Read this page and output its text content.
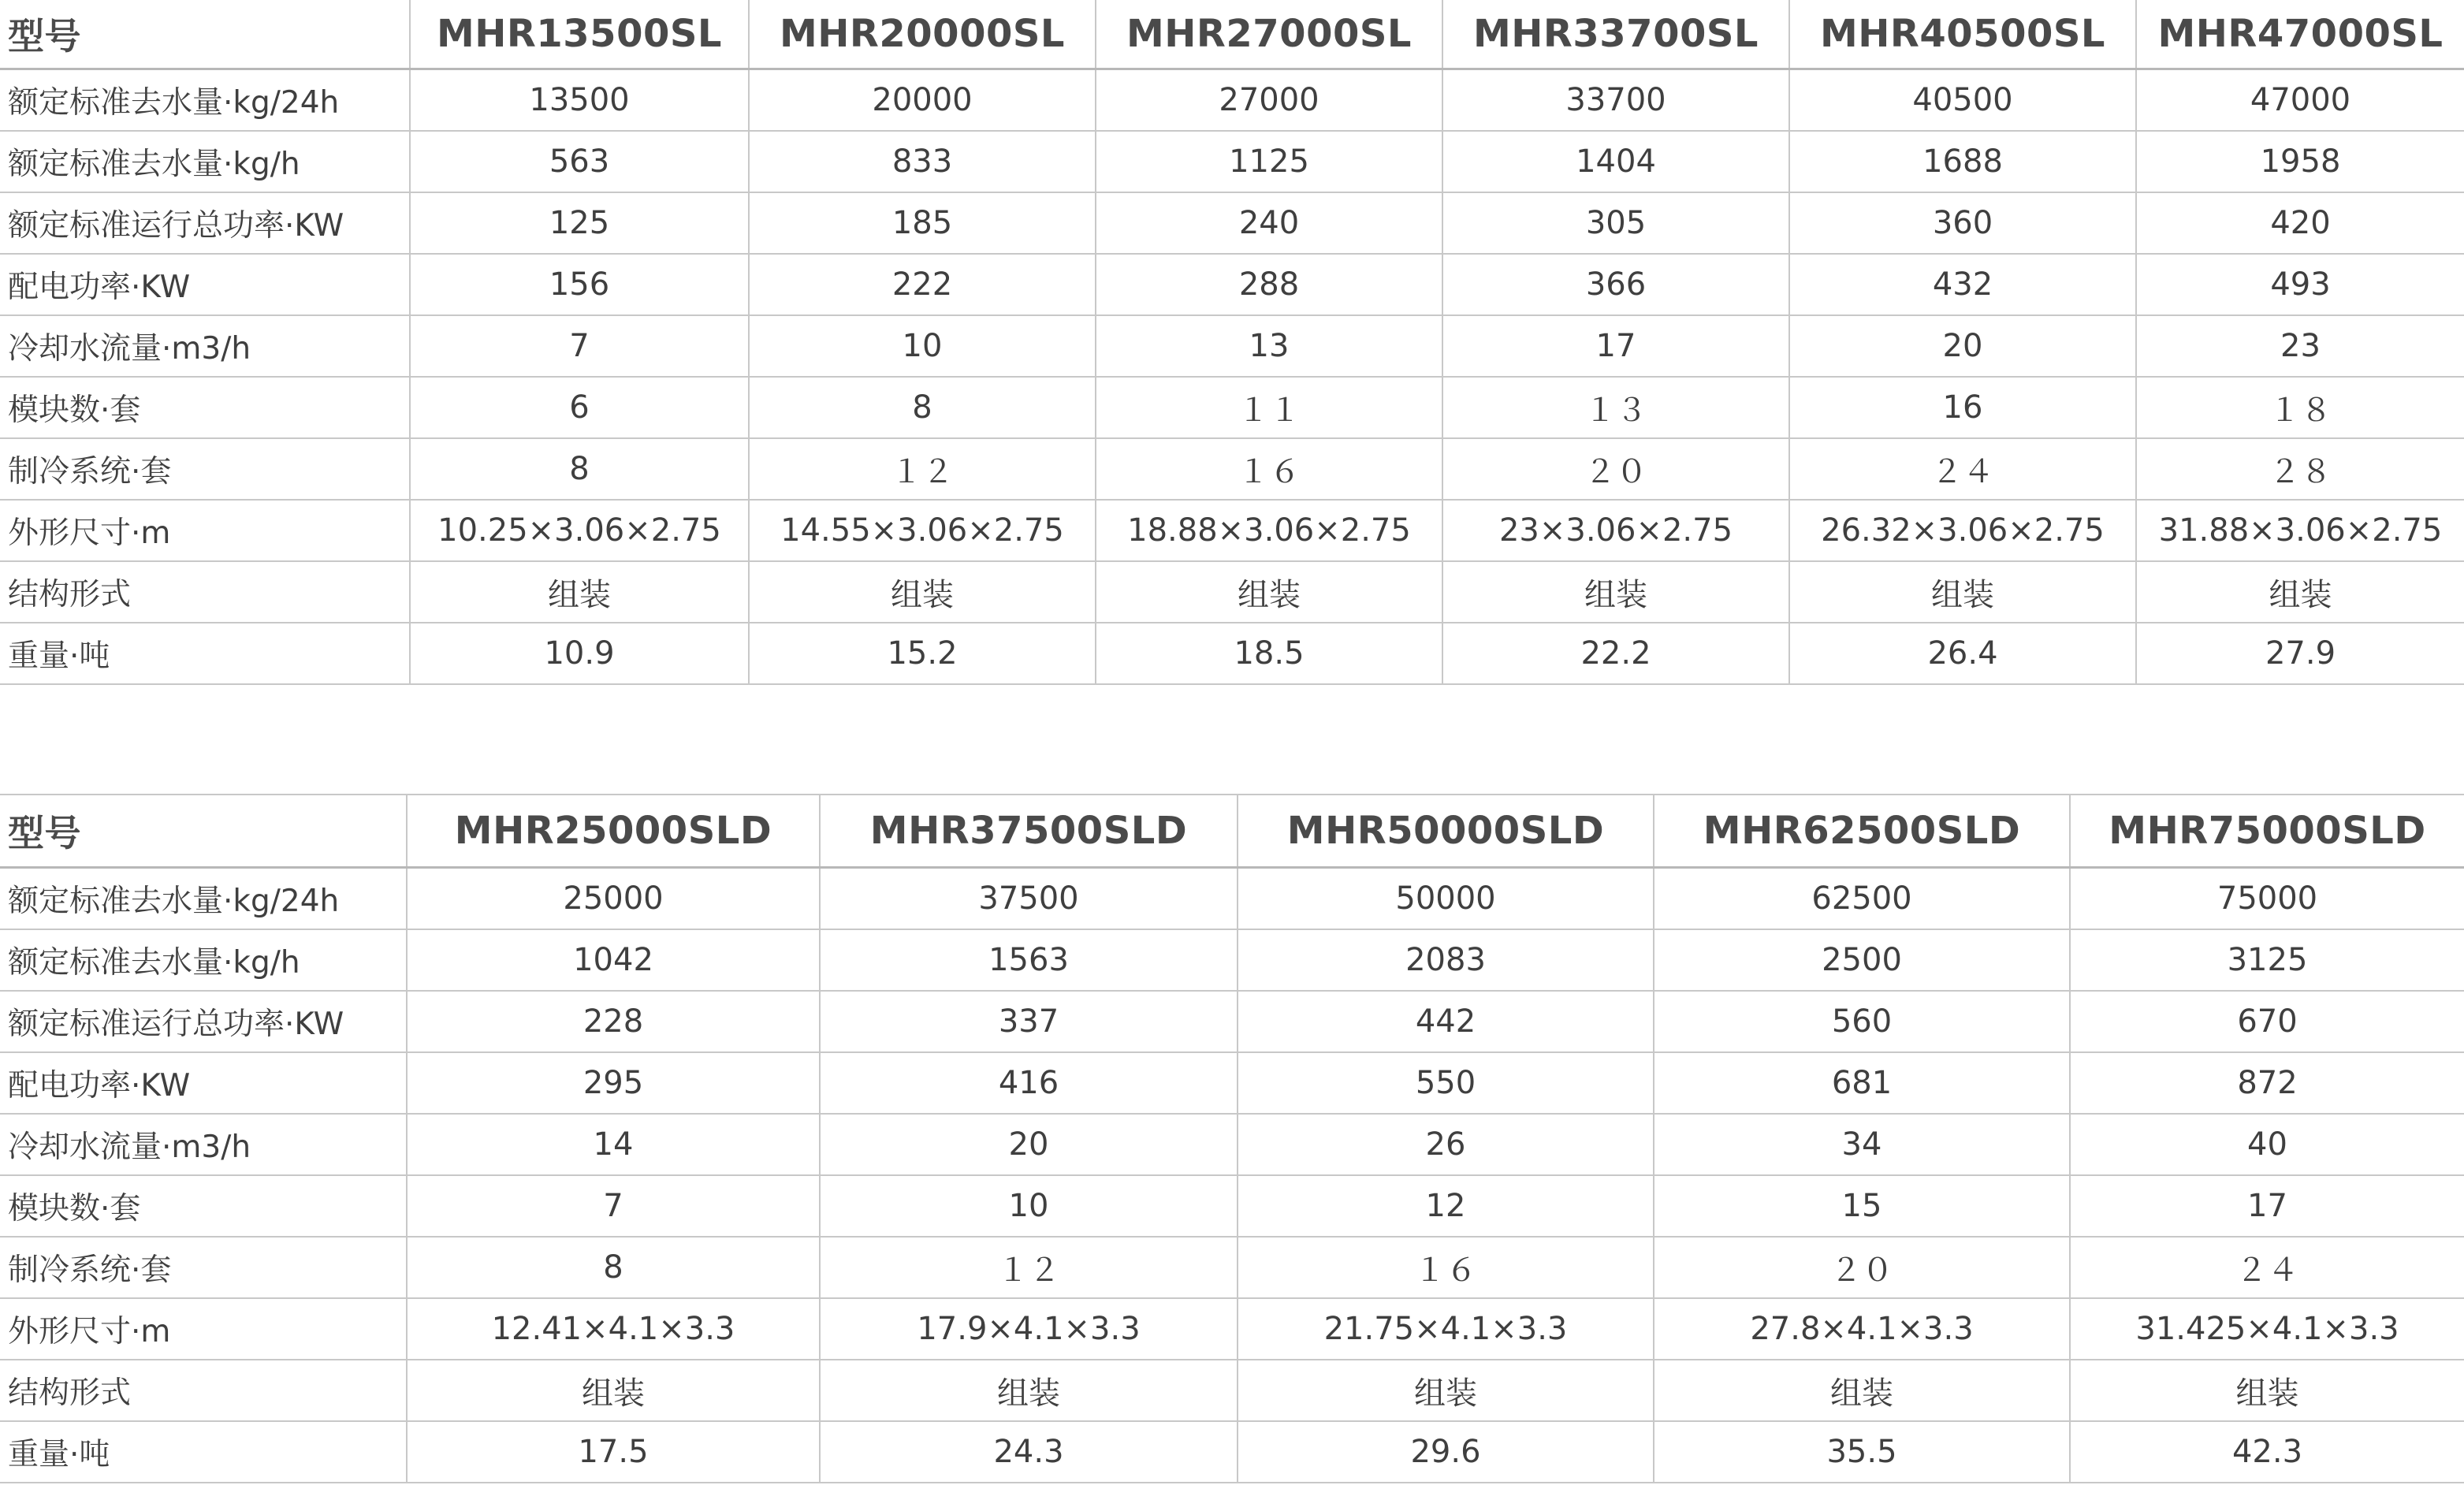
型号	MHR13500SL	MHR20000SL	MHR27000SL	MHR33700SL	MHR40500SL	MHR47000SL
额定标准去水量·kg/24h	13500	20000	27000	33700	40500	47000
额定标准去水量·kg/h	563	833	1125	1404	1688	1958
额定标准运行总功率·KW	125	185	240	305	360	420
配电功率·KW	156	222	288	366	432	493
冷却水流量·m3/h	7	10	13	17	20	23
模块数·套	6	8	１１	１３	16	１８
制冷系统·套	8	１２	１６	２０	２４	２８
外形尺寸·m	10.25×3.06×2.75	14.55×3.06×2.75	18.88×3.06×2.75	23×3.06×2.75	26.32×3.06×2.75	31.88×3.06×2.75
结构形式	组装	组装	组装	组装	组装	组装
重量·吨	10.9	15.2	18.5	22.2	26.4	27.9
型号	MHR25000SLD	MHR37500SLD	MHR50000SLD	MHR62500SLD	MHR75000SLD
额定标准去水量·kg/24h	25000	37500	50000	62500	75000
额定标准去水量·kg/h	1042	1563	2083	2500	3125
额定标准运行总功率·KW	228	337	442	560	670
配电功率·KW	295	416	550	681	872
冷却水流量·m3/h	14	20	26	34	40
模块数·套	7	10	12	15	17
制冷系统·套	8	１２	１６	２０	２４
外形尺寸·m	12.41×4.1×3.3	17.9×4.1×3.3	21.75×4.1×3.3	27.8×4.1×3.3	31.425×4.1×3.3
结构形式	组装	组装	组装	组装	组装
重量·吨	17.5	24.3	29.6	35.5	42.3
